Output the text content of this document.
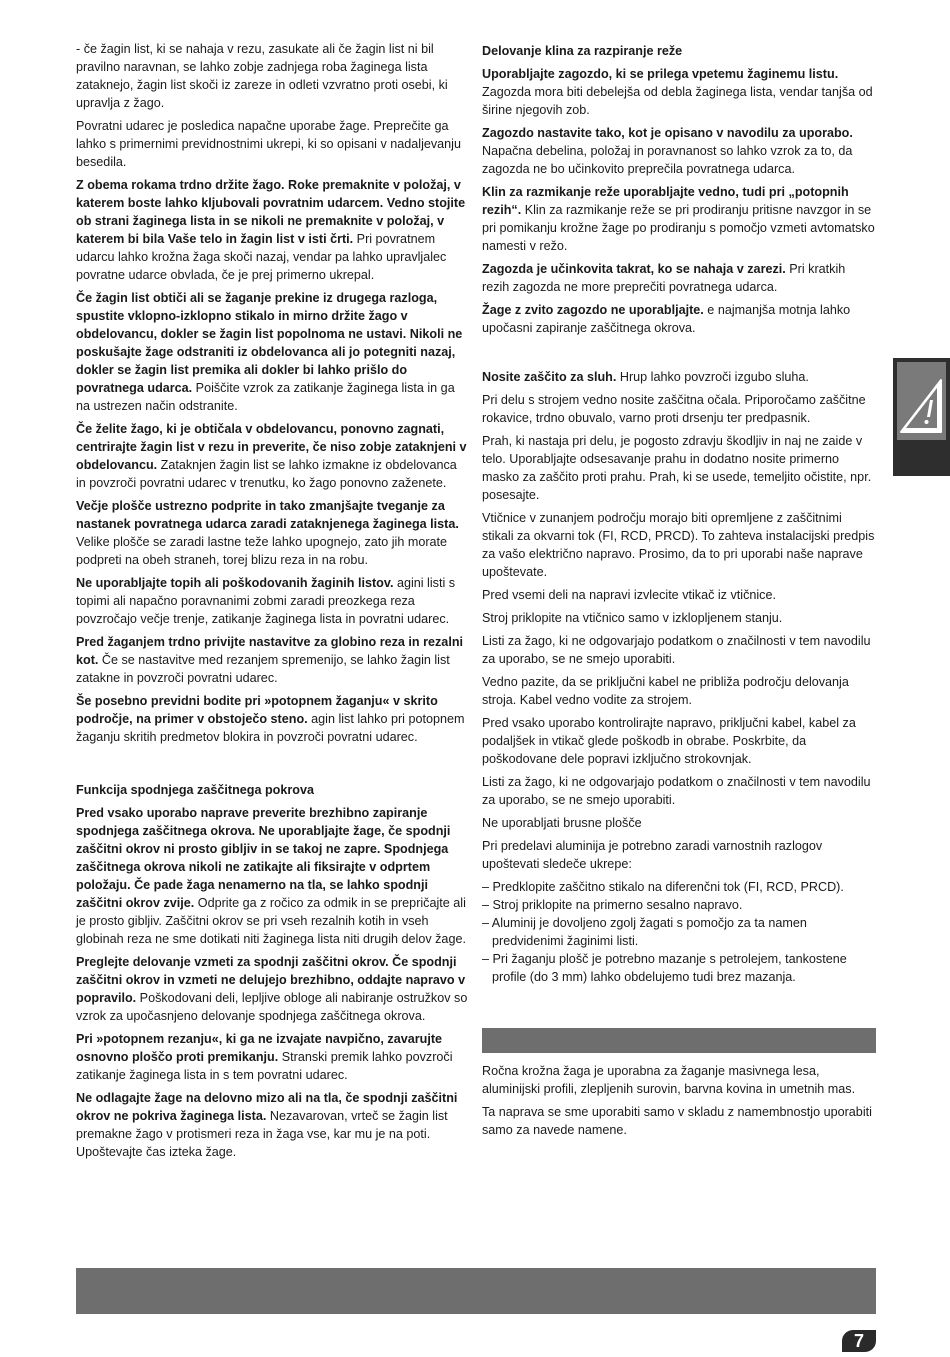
- če žagin list, ki se nahaja v rezu, zasukate ali če žagin list ni bil pravilno naravnan, se lahko zobje zadnjega roba žaginega lista zataknejo, žagin list skoči iz zareze in odleti vzvratno proti osebi, ki upravlja z žago.

Povratni udarec je posledica napačne uporabe žage. Preprečite ga lahko s primernimi previdnostnimi ukrepi, ki so opisani v nadaljevanju besedila.

Z obema rokama trdno držite žago. Roke premaknite v položaj, v katerem boste lahko kljubovali povratnim udarcem. Vedno stojite ob strani žaginega lista in se nikoli ne premaknite v položaj, v katerem bi bila Vaše telo in žagin list v isti črti. Pri povratnem udarcu lahko krožna žaga skoči nazaj, vendar pa lahko upravljalec povratne udarce obvlada, če je prej primerno ukrepal.

Če žagin list obtiči ali se žaganje prekine iz drugega razloga, spustite vklopno-izklopno stikalo in mirno držite žago v obdelovancu, dokler se žagin list popolnoma ne ustavi. Nikoli ne poskušajte žage odstraniti iz obdelovanca ali jo potegniti nazaj, dokler se žagin list premika ali dokler bi lahko prišlo do povratnega udarca. Poiščite vzrok za zatikanje žaginega lista in ga na ustrezen način odstranite.

Če želite žago, ki je obtičala v obdelovancu, ponovno zagnati, centrirajte žagin list v rezu in preverite, če niso zobje zataknjeni v obdelovancu. Zataknjen žagin list se lahko izmakne iz obdelovanca in povzroči povratni udarec v trenutku, ko žago ponovno zaženete.

Večje plošče ustrezno podprite in tako zmanjšajte tveganje za nastanek povratnega udarca zaradi zataknjenega žaginega lista. Velike plošče se zaradi lastne teže lahko upognejo, zato jih morate podpreti na obeh straneh, torej blizu reza in na robu.

Ne uporabljajte topih ali poškodovanih žaginih listov. agini listi s topimi ali napačno poravnanimi zobmi zaradi preozkega reza povzročajo večje trenje, zatikanje žaginega lista in povratni udarec.

Pred žaganjem trdno privijte nastavitve za globino reza in rezalni kot. Če se nastavitve med rezanjem spremenijo, se lahko žagin list zatakne in povzroči povratni udarec.

Še posebno previdni bodite pri »potopnem žaganju« v skrito področje, na primer v obstoječo steno. agin list lahko pri potopnem žaganju skritih predmetov blokira in povzroči povratni udarec.

Funkcija spodnjega zaščitnega pokrova

Pred vsako uporabo naprave preverite brezhibno zapiranje spodnjega zaščitnega okrova. Ne uporabljajte žage, če spodnji zaščitni okrov ni prosto gibljiv in se takoj ne zapre. Spodnjega zaščitnega okrova nikoli ne zatikajte ali fiksirajte v odprtem položaju. Če pade žaga nenamerno na tla, se lahko spodnji zaščitni okrov zvije. Odprite ga z ročico za odmik in se prepričajte ali je prosto gibljiv. Zaščitni okrov se pri vseh rezalnih kotih in vseh globinah reza ne sme dotikati niti žaginega lista niti drugih delov žage.

Preglejte delovanje vzmeti za spodnji zaščitni okrov. Če spodnji zaščitni okrov in vzmeti ne delujejo brezhibno, oddajte napravo v popravilo. Poškodovani deli, lepljive obloge ali nabiranje ostružkov so vzrok za upočasnjeno delovanje spodnjega zaščitnega okrova.

Pri »potopnem rezanju«, ki ga ne izvajate navpično, zavarujte osnovno ploščo proti premikanju. Stranski premik lahko povzroči zatikanje žaginega lista in s tem povratni udarec.

Ne odlagajte žage na delovno mizo ali na tla, če spodnji zaščitni okrov ne pokriva žaginega lista. Nezavarovan, vrteč se žagin list premakne žago v protismeri reza in žaga vse, kar mu je na poti. Upoštevajte čas izteka žage.

Delovanje klina za razpiranje reže

Uporabljajte zagozdo, ki se prilega vpetemu žaginemu listu. Zagozda mora biti debelejša od debla žaginega lista, vendar tanjša od širine njegovih zob.

Zagozdo nastavite tako, kot je opisano v navodilu za uporabo. Napačna debelina, položaj in poravnanost so lahko vzrok za to, da zagozda ne bo učinkovito preprečila povratnega udarca.

Klin za razmikanje reže uporabljajte vedno, tudi pri „potopnih rezih“. Klin za razmikanje reže se pri prodiranju pritisne navzgor in se pri pomikanju krožne žage po prodiranju s pomočjo vzmeti avtomatsko namesti v režo.

Zagozda je učinkovita takrat, ko se nahaja v zarezi. Pri kratkih rezih zagozda ne more preprečiti povratnega udarca.

Žage z zvito zagozdo ne uporabljajte. e najmanjša motnja lahko upočasni zapiranje zaščitnega okrova.

Nosite zaščito za sluh. Hrup lahko povzroči izgubo sluha.

Pri delu s strojem vedno nosite zaščitna očala. Priporočamo zaščitne rokavice, trdno obuvalo, varno proti drsenju ter predpasnik.

Prah, ki nastaja pri delu, je pogosto zdravju škodljiv in naj ne zaide v telo. Uporabljajte odsesavanje prahu in dodatno nosite primerno masko za zaščito proti prahu. Prah, ki se usede, temeljito očistite, npr. posesajte.

Vtičnice v zunanjem področju morajo biti opremljene z zaščitnimi stikali za okvarni tok (FI, RCD, PRCD). To zahteva instalacijski predpis za vašo električno napravo. Prosimo, da to pri uporabi naše naprave upoštevate.

Pred vsemi deli na napravi izvlecite vtikač iz vtičnice.

Stroj priklopite na vtičnico samo v izklopljenem stanju.

Listi za žago, ki ne odgovarjajo podatkom o značilnosti v tem navodilu za uporabo, se ne smejo uporabiti.

Vedno pazite, da se priključni kabel ne približa področju delovanja stroja. Kabel vedno vodite za strojem.

Pred vsako uporabo kontrolirajte napravo, priključni kabel, kabel za podaljšek in vtikač glede poškodb in obrabe. Poskrbite, da poškodovane dele popravi izključno strokovnjak.

Listi za žago, ki ne odgovarjajo podatkom o značilnosti v tem navodilu za uporabo, se ne smejo uporabiti.

Ne uporabljati brusne plošče

Pri predelavi aluminija je potrebno zaradi varnostnih razlogov upoštevati sledeče ukrepe:

– Predklopite zaščitno stikalo na diferenčni tok (FI, RCD, PRCD).

– Stroj priklopite na primerno sesalno napravo.

– Aluminij je dovoljeno zgolj žagati s pomočjo za ta namen predvidenimi žaginimi listi.

– Pri žaganju plošč je potrebno mazanje s petrolejem, tankostene profile (do 3 mm) lahko obdelujemo tudi brez mazanja.

Ročna krožna žaga je uporabna za žaganje masivnega lesa, aluminijski profili, zlepljenih surovin, barvna kovina in umetnih mas.

Ta naprava se sme uporabiti samo v skladu z namembnostjo uporabiti samo za navede namene.

7
